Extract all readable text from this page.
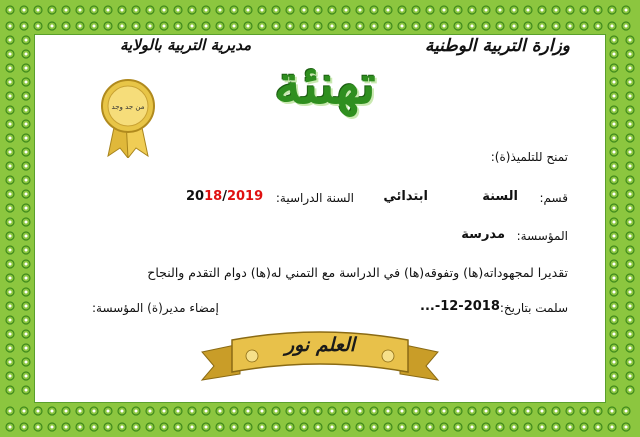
وزارة التربية الوطنية
مديرية التربية بالولاية
من جد وجد	تهنئة
تمنح للتلميذ(ة):
قسم:
السنة
ابتدائي
السنة الدراسية:
2018/2019
المؤسسة:
مدرسة
تقديرا لمجهوداته(ها) وتفوقه(ها) في الدراسة مع التمني له(ها) دوام التقدم والنجاح
سلمت بتاريخ:
...-12-2018
إمضاء مدير(ة) المؤسسة:
العلم نور
